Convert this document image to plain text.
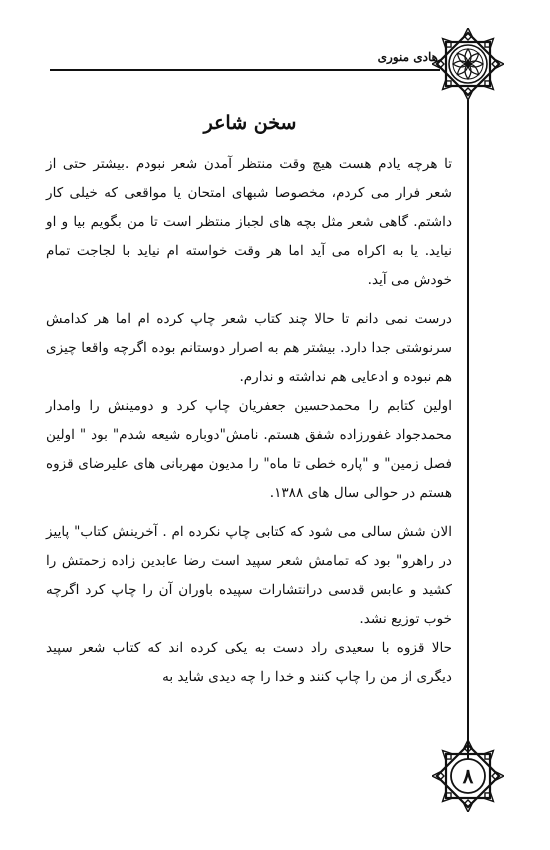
هادی منوری
۸
سخن شاعر

تا هرچه یادم هست هیچ وقت منتظر آمدن شعر نبودم .بیشتر حتی از شعر فرار می کردم، مخصوصا شبهای امتحان یا مواقعی که خیلی کار داشتم. گاهی شعر مثل بچه های لجباز منتظر است تا من بگویم بیا و او نیاید. یا به اکراه می آید اما هر وقت خواسته ام نیاید با لجاجت تمام خودش می آید.

درست نمی دانم تا حالا چند کتاب شعر چاپ کرده ام اما هر کدامش سرنوشتی جدا دارد. بیشتر هم به اصرار دوستانم بوده اگرچه واقعا چیزی هم نبوده و ادعایی هم نداشته و ندارم.

اولین کتابم را محمدحسین جعفریان چاپ کرد و دومینش را وامدار محمدجواد غفورزاده شفق هستم. نامش"دوباره شیعه شدم" بود " اولین فصل زمین" و "پاره خطی تا ماه" را مدیون مهربانی های علیرضای قزوه هستم در حوالی سال های ۱۳۸۸.

الان شش سالی می شود که کتابی چاپ نکرده ام . آخرینش کتاب" پاییز در راهرو" بود که تمامش شعر سپید است رضا عابدین زاده زحمتش را کشید و عابس قدسی درانتشارات سپیده باوران آن را چاپ کرد اگرچه خوب توزیع نشد.

حالا قزوه با سعیدی راد دست به یکی کرده اند که کتاب شعر سپید دیگری از من را چاپ کنند و خدا را چه دیدی شاید به
